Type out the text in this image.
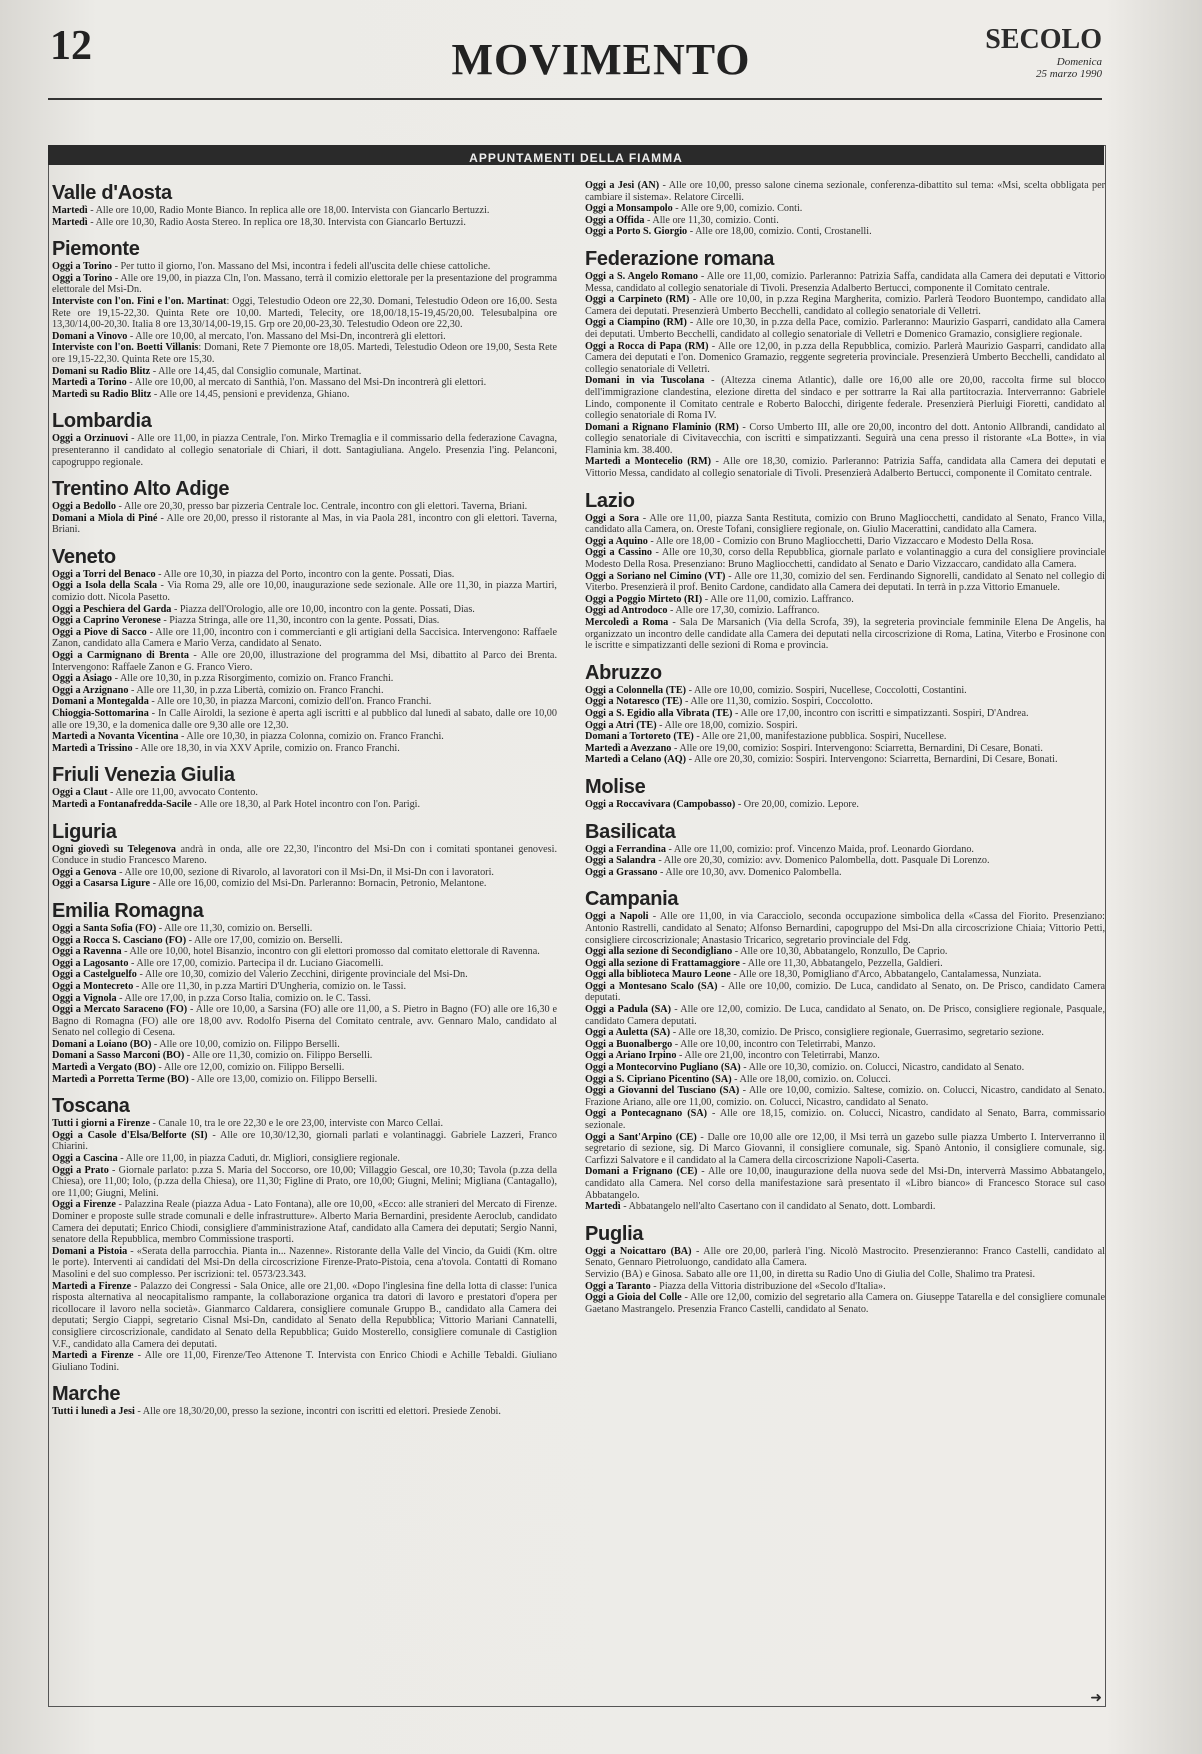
12	MOVIMENTO	SECOLO
Domenica
25 marzo 1990
APPUNTAMENTI DELLA FIAMMA
Valle d'Aosta
Martedì - Alle ore 10,00, Radio Monte Bianco. In replica alle ore 18,00. Intervista con Giancarlo Bertuzzi.
Martedì - Alle ore 10,30, Radio Aosta Stereo. In replica ore 18,30. Intervista con Giancarlo Bertuzzi.
Piemonte
Oggi a Torino - Per tutto il giorno, l'on. Massano del Msi, incontra i fedeli all'uscita delle chiese cattoliche.
Oggi a Torino - Alle ore 19,00, in piazza Cln, l'on. Massano, terrà il comizio elettorale per la presentazione del programma elettorale del Msi-Dn.
Interviste con l'on. Fini e l'on. Martinat: Oggi, Telestudio Odeon ore 22,30. Domani, Telestudio Odeon ore 16,00. Sesta Rete ore 19,15-22,30. Quinta Rete ore 10,00. Martedì, Telecity, ore 18,00/18,15-19,45/20,00. Telesubalpina ore 13,30/14,00-20,30. Italia 8 ore 13,30/14,00-19,15. Grp ore 20,00-23,30. Telestudio Odeon ore 22,30.
Domani a Vinovo - Alle ore 10,00, al mercato, l'on. Massano del Msi-Dn, incontrerà gli elettori.
Interviste con l'on. Boetti Villanis: Domani, Rete 7 Piemonte ore 18,05. Martedì, Telestudio Odeon ore 19,00, Sesta Rete ore 19,15-22,30. Quinta Rete ore 15,30.
Domani su Radio Blitz - Alle ore 14,45, dal Consiglio comunale, Martinat.
Martedì a Torino - Alle ore 10,00, al mercato di Santhià, l'on. Massano del Msi-Dn incontrerà gli elettori.
Martedì su Radio Blitz - Alle ore 14,45, pensioni e previdenza, Ghiano.
Lombardia
Oggi a Orzinuovi - Alle ore 11,00, in piazza Centrale, l'on. Mirko Tremaglia e il commissario della federazione Cavagna, presenteranno il candidato al collegio senatoriale di Chiari, il dott. Santagiuliana. Angelo. Presenzia l'ing. Pelanconi, capogruppo regionale.
Trentino Alto Adige
Oggi a Bedollo - Alle ore 20,30, presso bar pizzeria Centrale loc. Centrale, incontro con gli elettori. Taverna, Briani.
Domani a Miola di Piné - Alle ore 20,00, presso il ristorante al Mas, in via Paola 281, incontro con gli elettori. Taverna, Briani.
Veneto
Oggi a Torri del Benaco - Alle ore 10,30, in piazza del Porto, incontro con la gente. Possati, Dias.
Oggi a Isola della Scala - Via Roma 29, alle ore 10,00, inaugurazione sede sezionale. Alle ore 11,30, in piazza Martiri, comizio dott. Nicola Pasetto.
Oggi a Peschiera del Garda - Piazza dell'Orologio, alle ore 10,00, incontro con la gente. Possati, Dias.
Oggi a Caprino Veronese - Piazza Stringa, alle ore 11,30, incontro con la gente. Possati, Dias.
Oggi a Piove di Sacco - Alle ore 11,00, incontro con i commercianti e gli artigiani della Saccisica. Intervengono: Raffaele Zanon, candidato alla Camera e Mario Verza, candidato al Senato.
Oggi a Carmignano di Brenta - Alle ore 20,00, illustrazione del programma del Msi, dibattito al Parco dei Brenta. Intervengono: Raffaele Zanon e G. Franco Viero.
Oggi a Asiago - Alle ore 10,30, in p.zza Risorgimento, comizio on. Franco Franchi.
Oggi a Arzignano - Alle ore 11,30, in p.zza Libertà, comizio on. Franco Franchi.
Domani a Montegalda - Alle ore 10,30, in piazza Marconi, comizio dell'on. Franco Franchi.
Chioggia-Sottomarina - In Calle Airoldi, la sezione è aperta agli iscritti e al pubblico dal lunedì al sabato, dalle ore 10,00 alle ore 19,30, e la domenica dalle ore 9,30 alle ore 12,30.
Martedì a Novanta Vicentina - Alle ore 10,30, in piazza Colonna, comizio on. Franco Franchi.
Martedì a Trissino - Alle ore 18,30, in via XXV Aprile, comizio on. Franco Franchi.
Friuli Venezia Giulia
Oggi a Claut - Alle ore 11,00, avvocato Contento.
Martedì a Fontanafredda-Sacile - Alle ore 18,30, al Park Hotel incontro con l'on. Parigi.
Liguria
Ogni giovedì su Telegenova andrà in onda, alle ore 22,30, l'incontro del Msi-Dn con i comitati spontanei genovesi. Conduce in studio Francesco Mareno.
Oggi a Genova - Alle ore 10,00, sezione di Rivarolo, al lavoratori con il Msi-Dn, il Msi-Dn con i lavoratori.
Oggi a Casarsa Ligure - Alle ore 16,00, comizio del Msi-Dn. Parleranno: Bornacin, Petronio, Melantone.
Emilia Romagna
Oggi a Santa Sofia (FO) - Alle ore 11,30, comizio on. Berselli.
Oggi a Rocca S. Casciano (FO) - Alle ore 17,00, comizio on. Berselli.
Oggi a Ravenna - Alle ore 10,00, hotel Bisanzio, incontro con gli elettori promosso dal comitato elettorale di Ravenna.
Oggi a Lagosanto - Alle ore 17,00, comizio. Partecipa il dr. Luciano Giacomelli.
Oggi a Castelguelfo - Alle ore 10,30, comizio del Valerio Zecchini, dirigente provinciale del Msi-Dn.
Oggi a Montecreto - Alle ore 11,30, in p.zza Martiri D'Ungheria, comizio on. le Tassi.
Oggi a Vignola - Alle ore 17,00, in p.zza Corso Italia, comizio on. le C. Tassi.
Oggi a Mercato Saraceno (FO) - Alle ore 10,00, a Sarsina (FO) alle ore 11,00, a S. Pietro in Bagno (FO) alle ore 16,30 e Bagno di Romagna (FO) alle ore 18,00 avv. Rodolfo Piserna del Comitato centrale, avv. Gennaro Malo, candidato al Senato nel collegio di Cesena.
Domani a Loiano (BO) - Alle ore 10,00, comizio on. Filippo Berselli.
Domani a Sasso Marconi (BO) - Alle ore 11,30, comizio on. Filippo Berselli.
Martedì a Vergato (BO) - Alle ore 12,00, comizio on. Filippo Berselli.
Martedì a Porretta Terme (BO) - Alle ore 13,00, comizio on. Filippo Berselli.
Toscana
Tutti i giorni a Firenze - Canale 10, tra le ore 22,30 e le ore 23,00, interviste con Marco Cellai.
Oggi a Casole d'Elsa/Belforte (SI) - Alle ore 10,30/12,30, giornali parlati e volantinaggi. Gabriele Lazzeri, Franco Chiarini.
Oggi a Cascina - Alle ore 11,00, in piazza Caduti, dr. Migliori, consigliere regionale.
Oggi a Prato - Giornale parlato: p.zza S. Maria del Soccorso, ore 10,00; Villaggio Gescal, ore 10,30; Tavola (p.zza della Chiesa), ore 11,00; Iolo, (p.zza della Chiesa), ore 11,30; Figline di Prato, ore 10,00; Giugni, Melini; Migliana (Cantagallo), ore 11,00; Giugni, Melini.
Oggi a Firenze - Palazzina Reale (piazza Adua - Lato Fontana), alle ore 10,00, «Ecco: alle stranieri del Mercato di Firenze. Dominer e proposte sulle strade comunali e delle infrastrutture». Alberto Maria Bernardini, presidente Aeroclub, candidato Camera dei deputati; Enrico Chiodi, consigliere d'amministrazione Ataf, candidato alla Camera dei deputati; Sergio Nanni, senatore della Repubblica, membro Commissione trasporti.
Domani a Pistoia - «Serata della parrocchia. Pianta in... Nazenne». Ristorante della Valle del Vincio, da Guidi (Km. oltre le porte). Interventi ai candidati del Msi-Dn della circoscrizione Firenze-Prato-Pistoia, cena a'tovola. Contatti di Romano Masolini e del suo complesso. Per iscrizioni: tel. 0573/23.343.
Martedì a Firenze - Palazzo dei Congressi - Sala Onice, alle ore 21,00. «Dopo l'inglesina fine della lotta di classe: l'unica risposta alternativa al neocapitalismo rampante, la collaborazione organica tra datori di lavoro e prestatori d'opera per ricollocare il lavoro nella società». Gianmarco Caldarera, consigliere comunale Gruppo B., candidato alla Camera dei deputati; Sergio Ciappi, segretario Cisnal Msi-Dn, candidato al Senato della Repubblica; Vittorio Mariani Cannatelli, consigliere circoscrizionale, candidato al Senato della Repubblica; Guido Mosterello, consigliere comunale di Castiglion V.F., candidato alla Camera dei deputati.
Martedì a Firenze - Alle ore 11,00, Firenze/Teo Attenone T. Intervista con Enrico Chiodi e Achille Tebaldi. Giuliano Giuliano Todini.
Marche
Tutti i lunedì a Jesi - Alle ore 18,30/20,00, presso la sezione, incontri con iscritti ed elettori. Presiede Zenobi.
Oggi a Jesi (AN) - Alle ore 10,00, presso salone cinema sezionale, conferenza-dibattito sul tema: «Msi, scelta obbligata per cambiare il sistema». Relatore Circelli.
Oggi a Monsampolo - Alle ore 9,00, comizio. Conti.
Oggi a Offida - Alle ore 11,30, comizio. Conti.
Oggi a Porto S. Giorgio - Alle ore 18,00, comizio. Conti, Crostanelli.
Federazione romana
Oggi a S. Angelo Romano - Alle ore 11,00, comizio. Parleranno: Patrizia Saffa, candidata alla Camera dei deputati e Vittorio Messa, candidato al collegio senatoriale di Tivoli. Presenzia Adalberto Bertucci, componente il Comitato centrale.
Oggi a Carpineto (RM) - Alle ore 10,00, in p.zza Regina Margherita, comizio. Parlerà Teodoro Buontempo, candidato alla Camera dei deputati. Presenzierà Umberto Becchelli, candidato al collegio senatoriale di Velletri.
Oggi a Ciampino (RM) - Alle ore 10,30, in p.zza della Pace, comizio. Parleranno: Maurizio Gasparri, candidato alla Camera dei deputati. Umberto Becchelli, candidato al collegio senatoriale di Velletri e Domenico Gramazio, consigliere regionale.
Oggi a Rocca di Papa (RM) - Alle ore 12,00, in p.zza della Repubblica, comizio. Parlerà Maurizio Gasparri, candidato alla Camera dei deputati e l'on. Domenico Gramazio, reggente segreteria provinciale. Presenzierà Umberto Becchelli, candidato al collegio senatoriale di Velletri.
Domani in via Tuscolana - (Altezza cinema Atlantic), dalle ore 16,00 alle ore 20,00, raccolta firme sul blocco dell'immigrazione clandestina, elezione diretta del sindaco e per sottrarre la Rai alla partitocrazia. Interverranno: Gabriele Lindo, componente il Comitato centrale e Roberto Balocchi, dirigente federale. Presenzierà Pierluigi Fioretti, candidato al collegio senatoriale di Roma IV.
Domani a Rignano Flaminio (RM) - Corso Umberto III, alle ore 20,00, incontro del dott. Antonio Allbrandi, candidato al collegio senatoriale di Civitavecchia, con iscritti e simpatizzanti. Seguirà una cena presso il ristorante «La Botte», in via Flaminia km. 38.400.
Martedì a Montecelio (RM) - Alle ore 18,30, comizio. Parleranno: Patrizia Saffa, candidata alla Camera dei deputati e Vittorio Messa, candidato al collegio senatoriale di Tivoli. Presenzierà Adalberto Bertucci, componente il Comitato centrale.
Lazio
Oggi a Sora - Alle ore 11,00, piazza Santa Restituta, comizio con Bruno Magliocchetti, candidato al Senato, Franco Villa, candidato alla Camera, on. Oreste Tofani, consigliere regionale, on. Giulio Macerattini, candidato alla Camera.
Oggi a Aquino - Alle ore 18,00 - Comizio con Bruno Magliocchetti, Dario Vizzaccaro e Modesto Della Rosa.
Oggi a Cassino - Alle ore 10,30, corso della Repubblica, giornale parlato e volantinaggio a cura del consigliere provinciale Modesto Della Rosa. Presenziano: Bruno Magliocchetti, candidato al Senato e Dario Vizzaccaro, candidato alla Camera.
Oggi a Soriano nel Cimino (VT) - Alle ore 11,30, comizio del sen. Ferdinando Signorelli, candidato al Senato nel collegio di Viterbo. Presenzierà il prof. Benito Cardone, candidato alla Camera dei deputati. In terrà in p.zza Vittorio Emanuele.
Oggi a Poggio Mirteto (RI) - Alle ore 11,00, comizio. Laffranco.
Oggi ad Antrodoco - Alle ore 17,30, comizio. Laffranco.
Mercoledì a Roma - Sala De Marsanich (Via della Scrofa, 39), la segreteria provinciale femminile Elena De Angelis, ha organizzato un incontro delle candidate alla Camera dei deputati nella circoscrizione di Roma, Latina, Viterbo e Frosinone con le iscritte e simpatizzanti delle sezioni di Roma e provincia.
Abruzzo
Oggi a Colonnella (TE) - Alle ore 10,00, comizio. Sospiri, Nucellese, Coccolotti, Costantini.
Oggi a Notaresco (TE) - Alle ore 11,30, comizio. Sospiri, Coccolotto.
Oggi a S. Egidio alla Vibrata (TE) - Alle ore 17,00, incontro con iscritti e simpatizzanti. Sospiri, D'Andrea.
Oggi a Atri (TE) - Alle ore 18,00, comizio. Sospiri.
Domani a Tortoreto (TE) - Alle ore 21,00, manifestazione pubblica. Sospiri, Nucellese.
Martedì a Avezzano - Alle ore 19,00, comizio: Sospiri. Intervengono: Sciarretta, Bernardini, Di Cesare, Bonati.
Martedì a Celano (AQ) - Alle ore 20,30, comizio: Sospiri. Intervengono: Sciarretta, Bernardini, Di Cesare, Bonati.
Molise
Oggi a Roccavivara (Campobasso) - Ore 20,00, comizio. Lepore.
Basilicata
Oggi a Ferrandina - Alle ore 11,00, comizio: prof. Vincenzo Maida, prof. Leonardo Giordano.
Oggi a Salandra - Alle ore 20,30, comizio: avv. Domenico Palombella, dott. Pasquale Di Lorenzo.
Oggi a Grassano - Alle ore 10,30, avv. Domenico Palombella.
Campania
Oggi a Napoli - Alle ore 11,00, in via Caracciolo, seconda occupazione simbolica della «Cassa del Fiorito. Presenziano: Antonio Rastrelli, candidato al Senato; Alfonso Bernardini, capogruppo del Msi-Dn alla circoscrizione Chiaia; Vittorio Petti, consigliere circoscrizionale; Anastasio Tricarico, segretario provinciale del Fdg.
Oggi alla sezione di Secondigliano - Alle ore 10,30, Abbatangelo, Ronzullo, De Caprio.
Oggi alla sezione di Frattamaggiore - Alle ore 11,30, Abbatangelo, Pezzella, Galdieri.
Oggi alla biblioteca Mauro Leone - Alle ore 18,30, Pomigliano d'Arco, Abbatangelo, Cantalamessa, Nunziata.
Oggi a Montesano Scalo (SA) - Alle ore 10,00, comizio. De Luca, candidato al Senato, on. De Prisco, candidato Camera deputati.
Oggi a Padula (SA) - Alle ore 12,00, comizio. De Luca, candidato al Senato, on. De Prisco, consigliere regionale, Pasquale, candidato Camera deputati.
Oggi a Auletta (SA) - Alle ore 18,30, comizio. De Prisco, consigliere regionale, Guerrasimo, segretario sezione.
Oggi a Buonalbergo - Alle ore 10,00, incontro con Teletirrabi, Manzo.
Oggi a Ariano Irpino - Alle ore 21,00, incontro con Teletirrabi, Manzo.
Oggi a Montecorvino Pugliano (SA) - Alle ore 10,30, comizio. on. Colucci, Nicastro, candidato al Senato.
Oggi a S. Cipriano Picentino (SA) - Alle ore 18,00, comizio. on. Colucci.
Oggi a Giovanni del Tusciano (SA) - Alle ore 10,00, comizio. Saltese, comizio. on. Colucci, Nicastro, candidato al Senato. Frazione Ariano, alle ore 11,00, comizio. on. Colucci, Nicastro, candidato al Senato.
Oggi a Pontecagnano (SA) - Alle ore 18,15, comizio. on. Colucci, Nicastro, candidato al Senato, Barra, commissario sezionale.
Oggi a Sant'Arpino (CE) - Dalle ore 10,00 alle ore 12,00, il Msi terrà un gazebo sulle piazza Umberto I. Interverranno il segretario di sezione, sig. Di Marco Giovanni, il consigliere comunale, sig. Spanò Antonio, il consigliere comunale, sig. Carfizzi Salvatore e il candidato al la Camera della circoscrizione Napoli-Caserta.
Domani a Frignano (CE) - Alle ore 10,00, inaugurazione della nuova sede del Msi-Dn, interverrà Massimo Abbatangelo, candidato alla Camera. Nel corso della manifestazione sarà presentato il «Libro bianco» di Francesco Storace sul caso Abbatangelo.
Martedì - Abbatangelo nell'alto Casertano con il candidato al Senato, dott. Lombardi.
Puglia
Oggi a Noicattaro (BA) - Alle ore 20,00, parlerà l'ing. Nicolò Mastrocito. Presenzieranno: Franco Castelli, candidato al Senato, Gennaro Pietroluongo, candidato alla Camera.
Servizio (BA) e Ginosa. Sabato alle ore 11,00, in diretta su Radio Uno di Giulia del Colle, Shalimo tra Pratesi.
Oggi a Taranto - Piazza della Vittoria distribuzione del «Secolo d'Italia».
Oggi a Gioia del Colle - Alle ore 12,00, comizio del segretario alla Camera on. Giuseppe Tatarella e del consigliere comunale Gaetano Mastrangelo. Presenzia Franco Castelli, candidato al Senato.
➜
